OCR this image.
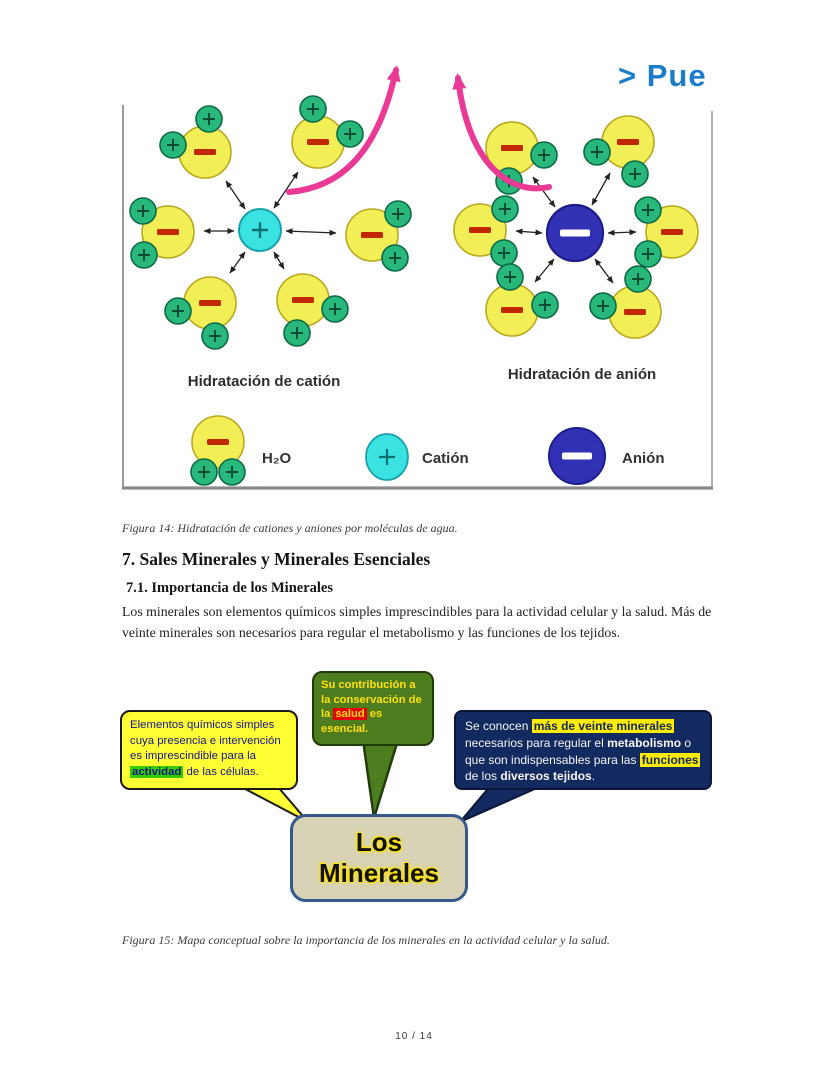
Hidratación de catión	Hidratación de anión
H₂O	Catión	Anión
> Pue
Figura 14: Hidratación de cationes y aniones por moléculas de agua.
7. Sales Minerales y Minerales Esenciales
7.1. Importancia de los Minerales
Los minerales son elementos químicos simples imprescindibles para la actividad celular y la salud. Más de veinte minerales son necesarios para regular el metabolismo y las funciones de los tejidos.
Elementos químicos simples cuya presencia e intervención es imprescindible para la actividad de las células.
Su contribución a la conservación de la salud es esencial.	Se conocen más de veinte minerales necesarios para regular el metabolismo o que son indispensables para las funciones de los diversos tejidos.
Los
Minerales
Figura 15: Mapa conceptual sobre la importancia de los minerales en la actividad celular y la salud.
10 / 14
